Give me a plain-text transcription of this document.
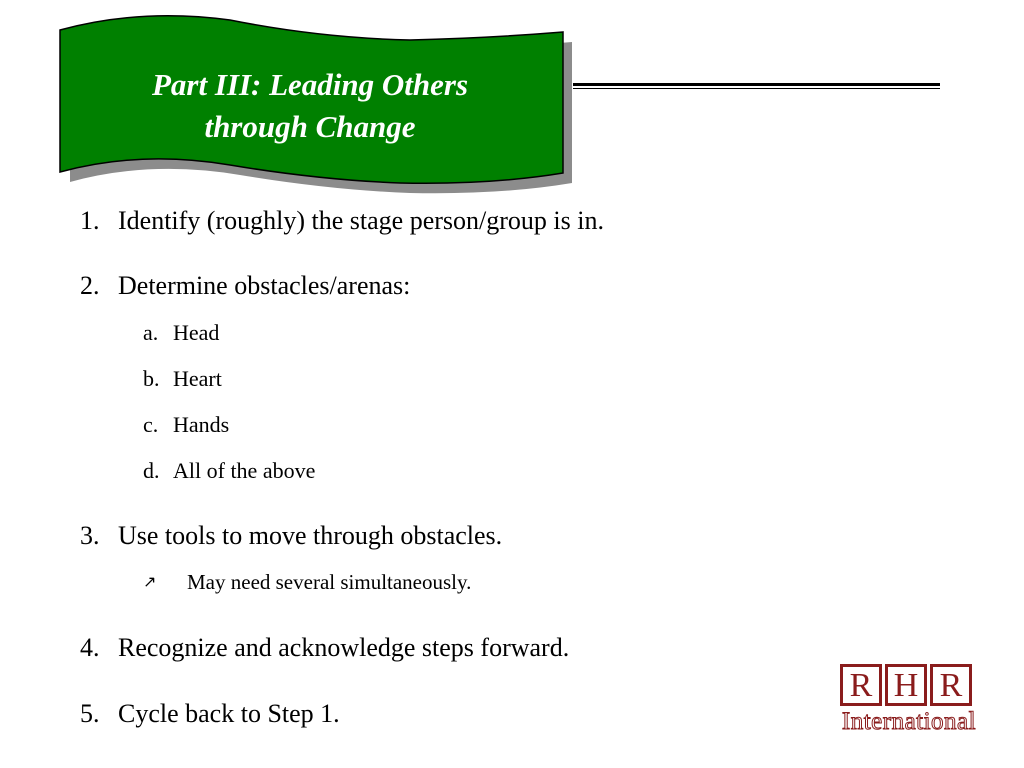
Part III: Leading Others
through Change
1. Identify (roughly) the stage person/group is in.
2. Determine obstacles/arenas:
a. Head
b. Heart
c. Hands
d. All of the above
3. Use tools to move through obstacles.
↗ May need several simultaneously.
4. Recognize and acknowledge steps forward.
5. Cycle back to Step 1.
R H R
International
